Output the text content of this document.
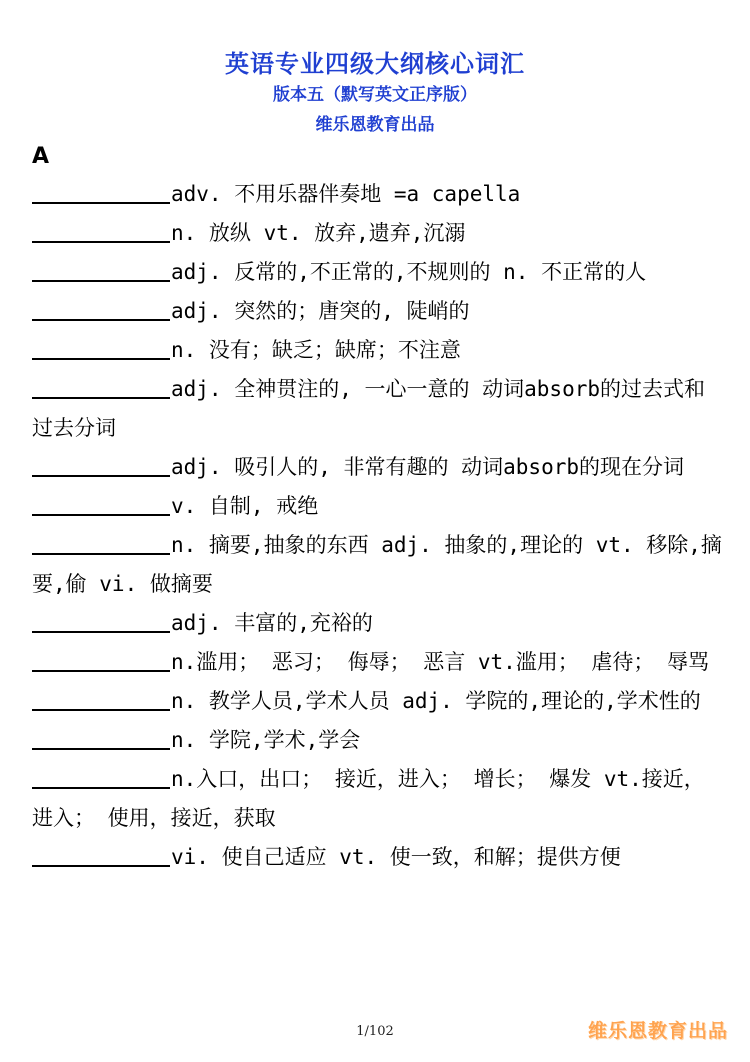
英语专业四级大纲核心词汇
版本五（默写英文正序版）
维乐恩教育出品
A

adv. 不用乐器伴奏地 =a capella

n. 放纵 vt. 放弃,遗弃,沉溺

adj. 反常的,不正常的,不规则的 n. 不正常的人

adj. 突然的；唐突的, 陡峭的

n. 没有；缺乏；缺席；不注意

adj. 全神贯注的, 一心一意的 动词absorb的过去式和过去分词

adj. 吸引人的, 非常有趣的 动词absorb的现在分词

v. 自制, 戒绝

n. 摘要,抽象的东西 adj. 抽象的,理论的 vt. 移除,摘要,偷 vi. 做摘要

adj. 丰富的,充裕的

n.滥用； 恶习； 侮辱； 恶言 vt.滥用； 虐待； 辱骂

n. 教学人员,学术人员 adj. 学院的,理论的,学术性的

n. 学院,学术,学会

n.入口，出口； 接近，进入； 增长； 爆发 vt.接近，进入； 使用，接近，获取

vi. 使自己适应 vt. 使一致，和解；提供方便

1/102	维乐恩教育出品
